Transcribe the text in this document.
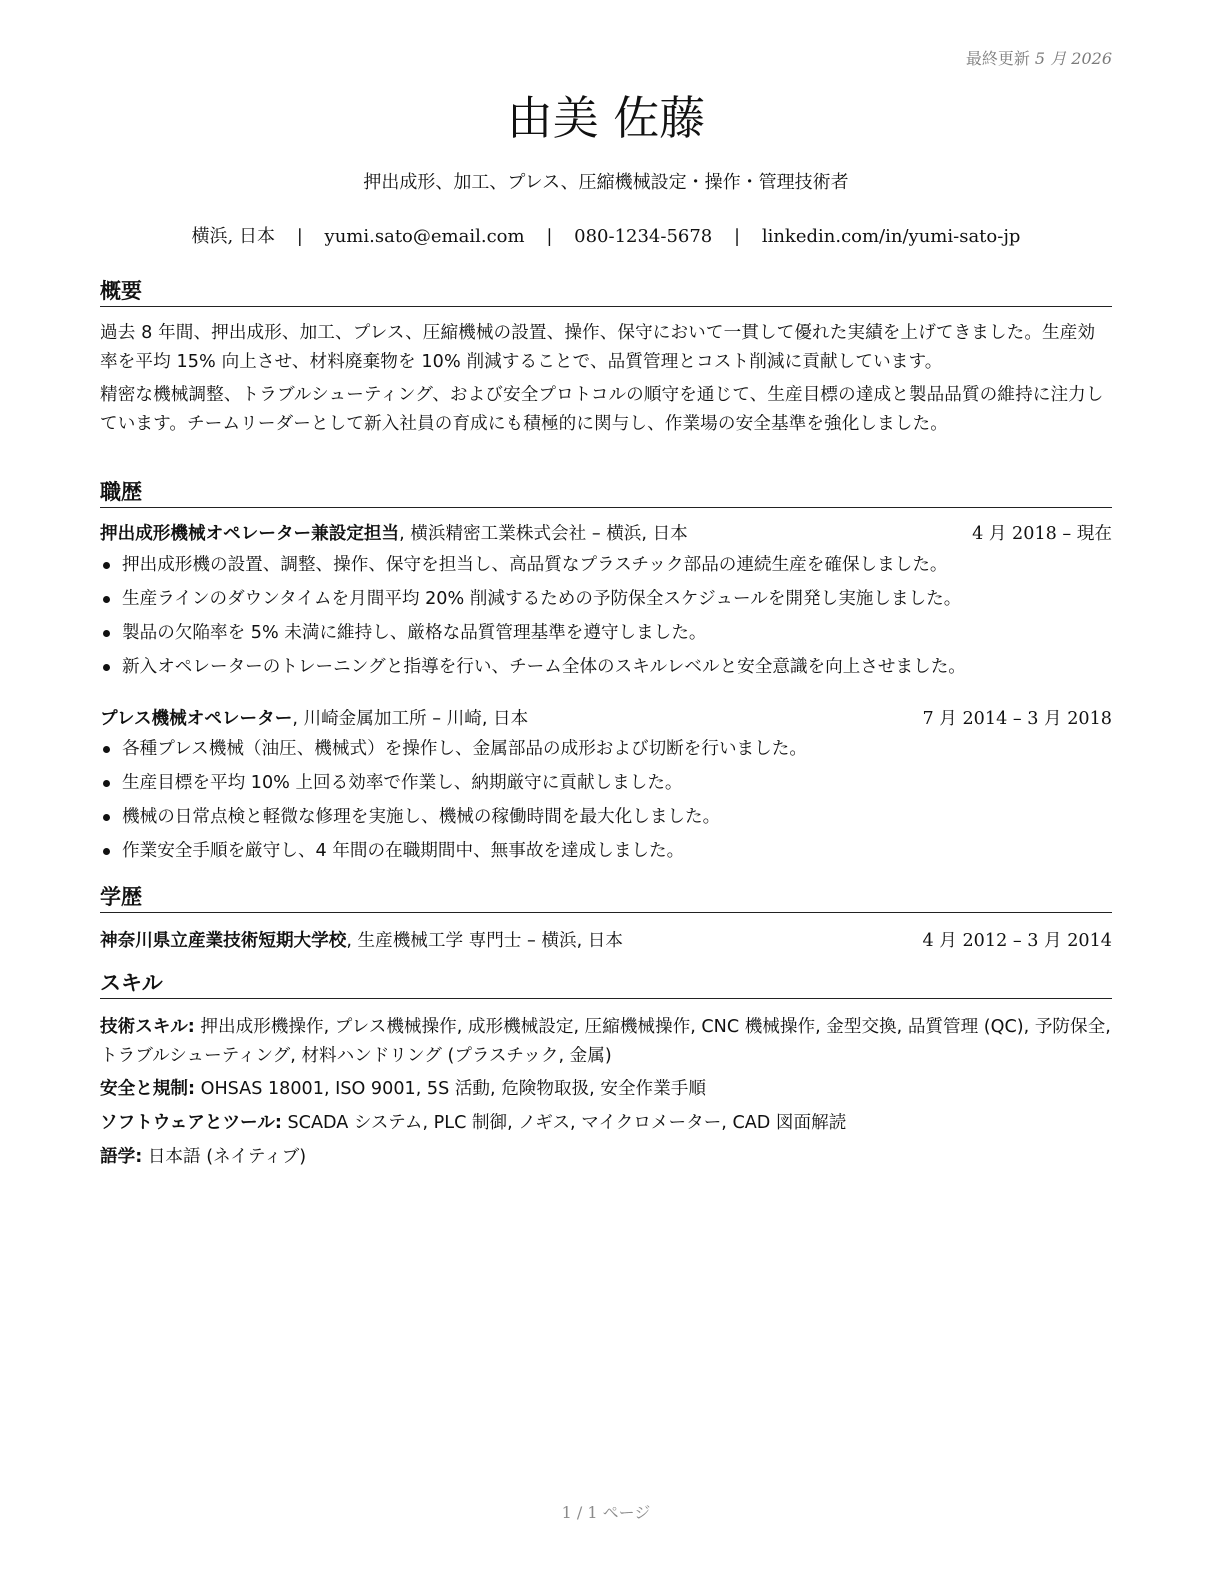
最終更新 5 月 2026
由美 佐藤
押出成形、加工、プレス、圧縮機械設定・操作・管理技術者
横浜, 日本 | yumi.sato@email.com | 080-1234-5678 | linkedin.com/in/yumi-sato-jp
概要
過去 8 年間、押出成形、加工、プレス、圧縮機械の設置、操作、保守において一貫して優れた実績を上げてきました。生産効率を平均 15% 向上させ、材料廃棄物を 10% 削減することで、品質管理とコスト削減に貢献しています。
精密な機械調整、トラブルシューティング、および安全プロトコルの順守を通じて、生産目標の達成と製品品質の維持に注力しています。チームリーダーとして新入社員の育成にも積極的に関与し、作業場の安全基準を強化しました。
職歴
押出成形機械オペレーター兼設定担当, 横浜精密工業株式会社 – 横浜, 日本	4 月 2018 – 現在
押出成形機の設置、調整、操作、保守を担当し、高品質なプラスチック部品の連続生産を確保しました。
生産ラインのダウンタイムを月間平均 20% 削減するための予防保全スケジュールを開発し実施しました。
製品の欠陥率を 5% 未満に維持し、厳格な品質管理基準を遵守しました。
新入オペレーターのトレーニングと指導を行い、チーム全体のスキルレベルと安全意識を向上させました。
プレス機械オペレーター, 川崎金属加工所 – 川崎, 日本	7 月 2014 – 3 月 2018
各種プレス機械（油圧、機械式）を操作し、金属部品の成形および切断を行いました。
生産目標を平均 10% 上回る効率で作業し、納期厳守に貢献しました。
機械の日常点検と軽微な修理を実施し、機械の稼働時間を最大化しました。
作業安全手順を厳守し、4 年間の在職期間中、無事故を達成しました。
学歴
神奈川県立産業技術短期大学校, 生産機械工学 専門士 – 横浜, 日本	4 月 2012 – 3 月 2014
スキル
技術スキル: 押出成形機操作, プレス機械操作, 成形機械設定, 圧縮機械操作, CNC 機械操作, 金型交換, 品質管理 (QC), 予防保全, トラブルシューティング, 材料ハンドリング (プラスチック, 金属)
安全と規制: OHSAS 18001, ISO 9001, 5S 活動, 危険物取扱, 安全作業手順
ソフトウェアとツール: SCADA システム, PLC 制御, ノギス, マイクロメーター, CAD 図面解読
語学: 日本語 (ネイティブ)
1 / 1 ページ
